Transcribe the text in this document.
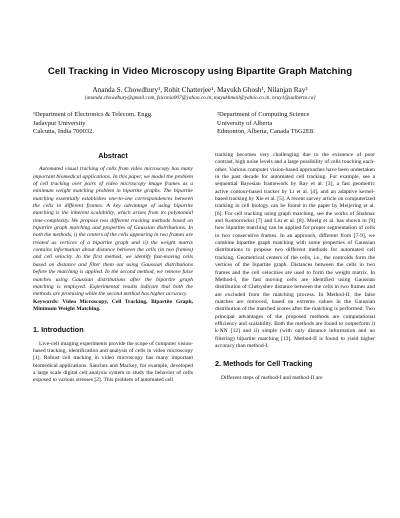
Cell Tracking in Video Microscopy using Bipartite Graph Matching
Ananda S. Chowdhury¹, Rohit Chatterjee¹, Mayukh Ghosh¹, Nilanjan Ray²
{ananda.chowdhury@gmail.com, fsiconia007@yahoo.co.in, mayukhmail@yahoo.co.in, nray1@ualberta.ca}
¹Department of Electronics & Telecom. Engg.
Jadavpur University
Calcutta, India 700032.
²Department of Computing Science
University of Alberta
Edmonton, Alberta, Canada T6G2E8.
Abstract

Automated visual tracking of cells from video microscopy has many important biomedical applications. In this paper, we model the problem of cell tracking over pairs of video microscopy image frames as a minimum weight matching problem in bipartite graphs. The bipartite matching essentially establishes one-to-one correspondences between the cells in different frames. A key advantage of using bipartite matching is the inherent scalability, which arises from its polynomial time-complexity. We propose two different tracking methods based on bipartite graph matching and properties of Gaussian distributions. In both the methods, i) the centers of the cells appearing in two frames are treated as vertices of a bipartite graph and ii) the weight matrix contains information about distance between the cells (in two frames) and cell velocity. In the first method, we identify fast-moving cells based on distance and filter them out using Gaussian distributions before the matching is applied. In the second method, we remove false matches using Gaussian distributions after the bipartite graph matching is employed. Experimental results indicate that both the methods are promising while the second method has higher accuracy.

Keywords: Video Microscopy, Cell Tracking, Bipartite Graph, Minimum Weight Matching.

1. Introduction

Live-cell imaging experiments provide the scope of computer vision-based tracking, identification and analysis of cells in video microscopy [1]. Robust cell tracking in video microscopy has many important biomedical applications. Sanchez and Mackey, for example, developed a large scale digital cell analysis system to study the behavior of cells exposed to various stresses [2]. This problem of automated cell

tracking becomes very challenging due to the existence of poor contrast, high noise levels and a large possibility of cells touching each-other. Various computer vision-based approaches have been undertaken in the past decade for automated cell tracking. For example, see a sequential Bayesian framework by Ray et al. [3], a fast geometric active contour-based tracker by Li et al. [4], and an adaptive kernel-based tracking by Xie et al. [5]. A recent survey article on computerized tracking in cell biology can be found in the paper by Meijering et al. [6]. For cell tracking using graph matching, see the works of Shahnaz and Komorowksi [7] and Liu et al. [8]. Moeig et al. has shown in [9] how bipartite matching can be applied for proper segmentation of cells in two consecutive frames. In an approach, different from [7-9], we combine bipartite graph matching with some properties of Gaussian distributions to propose two different methods for automated cell tracking. Geometrical centers of the cells, i.e., the centroids form the vertices of the bipartite graph. Distances between the cells in two frames and the cell velocities are used to form the weight matrix. In Method-I, the fast moving cells are identified using Gaussian distribution of Chebyshev distance between the cells in two frames and are excluded from the matching process. In Method-II, the false matches are removed, based on extreme values in the Gaussian distribution of the matched scores after the matching is performed. Two principal advantages of the proposed methods are computational efficiency and scalability. Both the methods are found to outperform i) k-NN [12] and ii) simple (with only distance information and no filtering) bipartite matching [13]. Method-II is found to yield higher accuracy than method-I.

2. Methods for Cell Tracking

Different steps of method-I and method-II are
